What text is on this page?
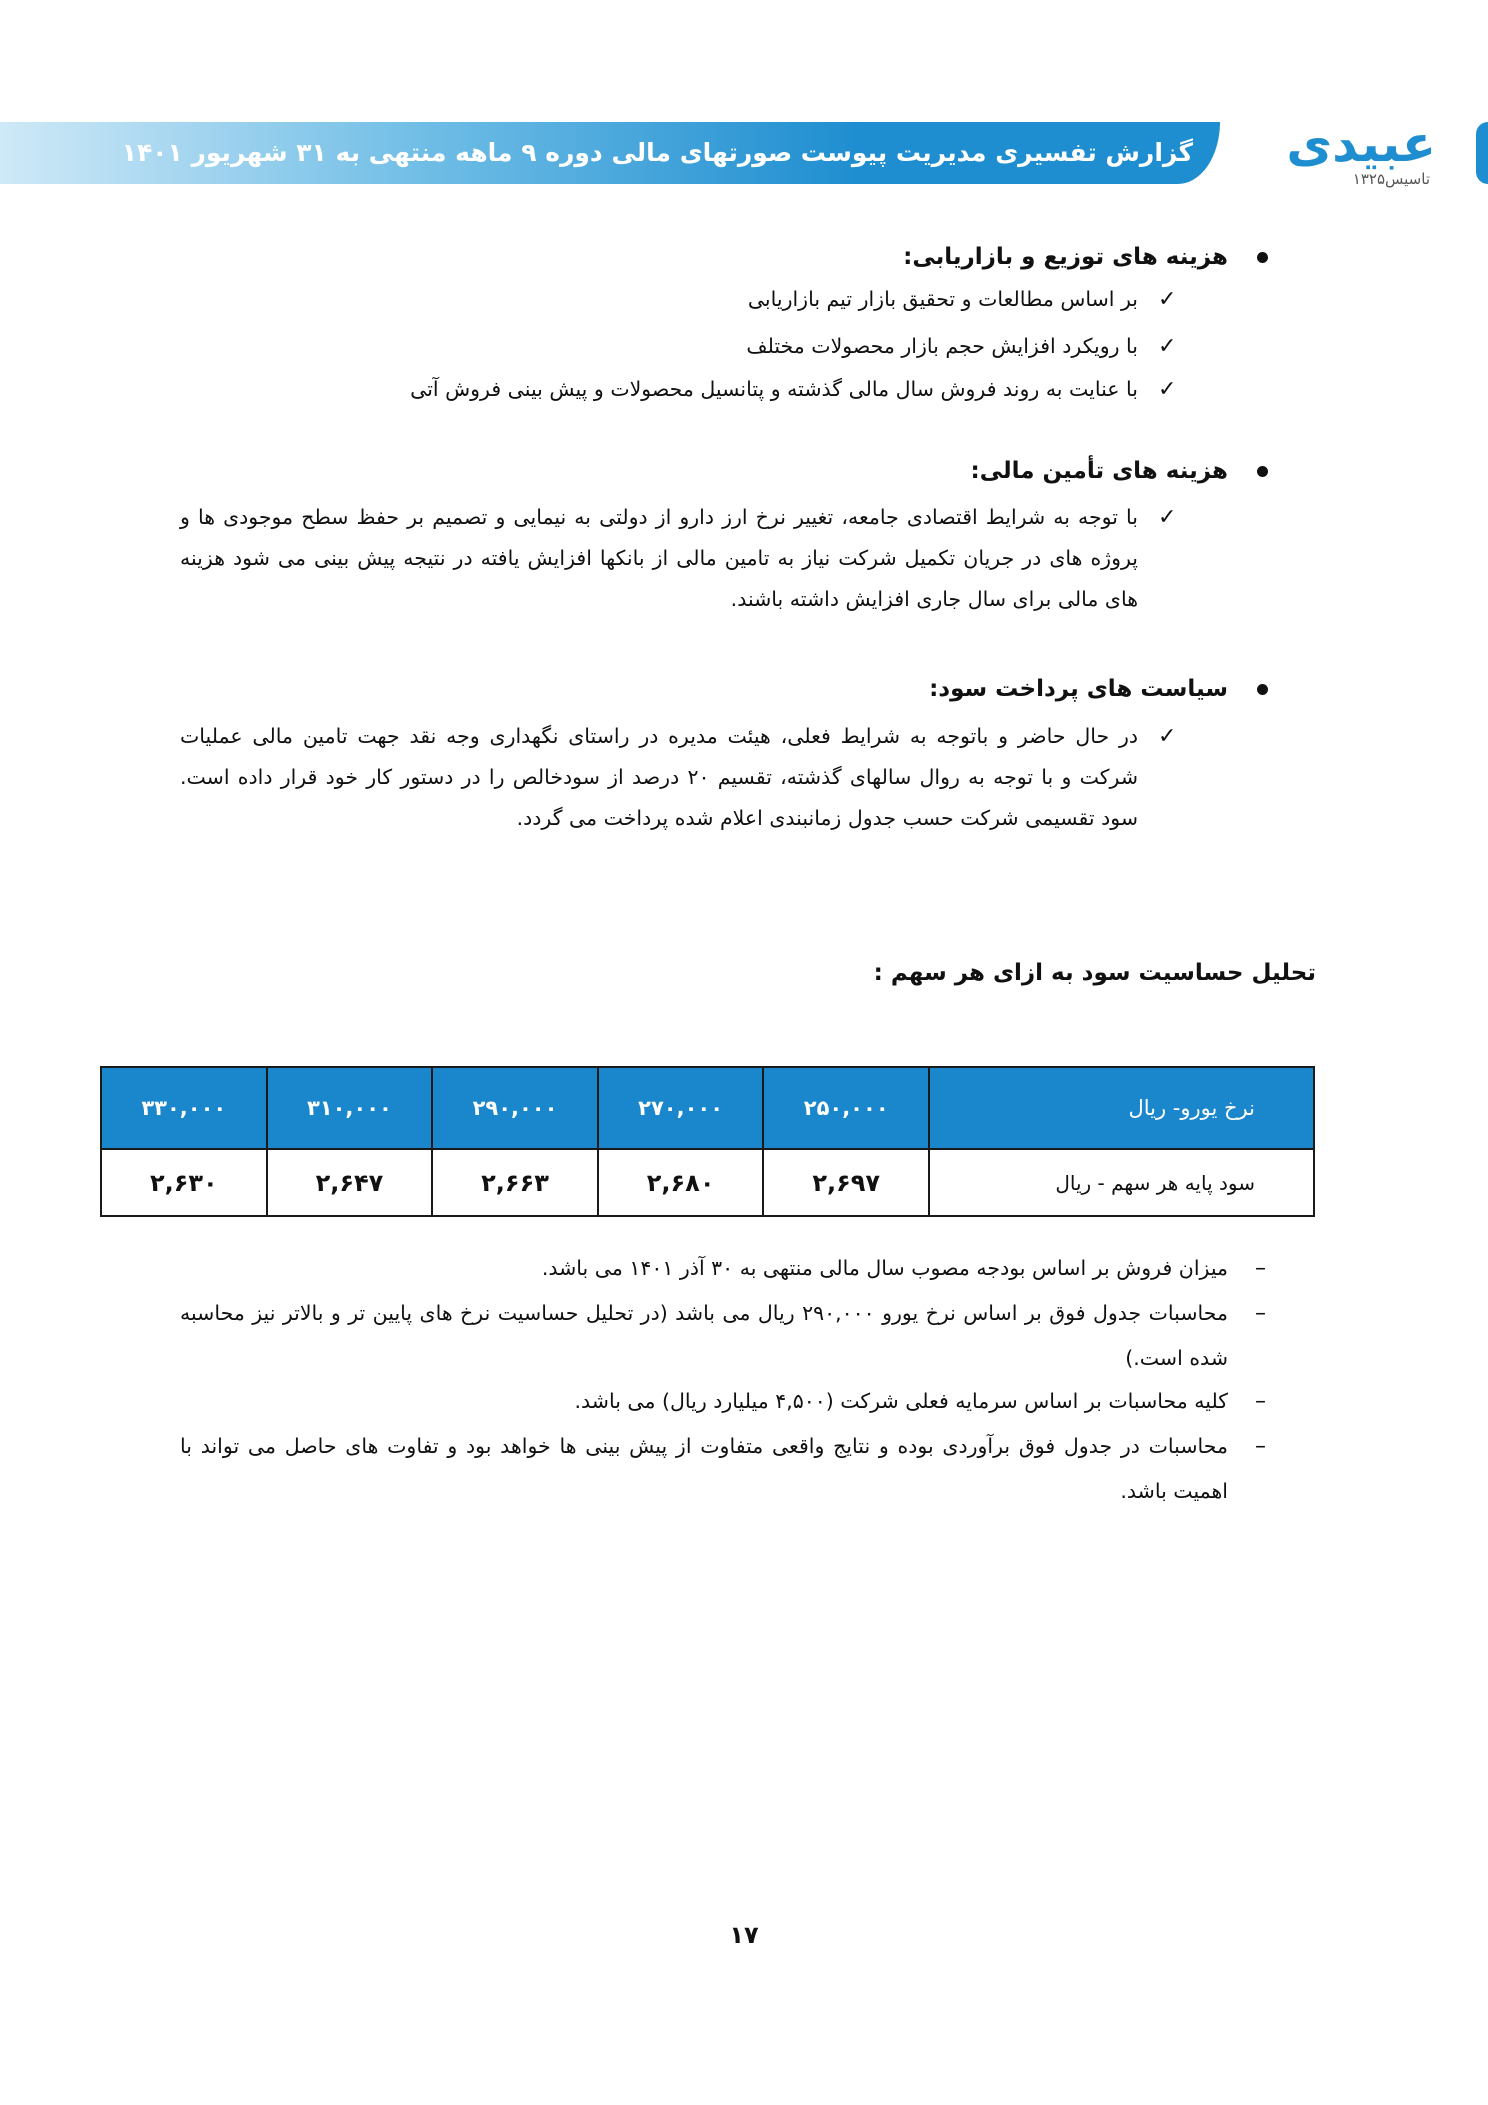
گزارش تفسیری مدیریت پیوست صورتهای مالی دوره ۹ ماهه منتهی به ۳۱ شهریور ۱۴۰۱	عبیدی
تاسیس۱۳۲۵
هزینه های توزیع و بازاریابی:
✓
بر اساس مطالعات و تحقیق بازار تیم بازاریابی
✓
با رویکرد افزایش حجم بازار محصولات مختلف
✓
با عنایت به روند فروش سال مالی گذشته و پتانسیل محصولات و پیش بینی فروش آتی
هزینه های تأمین مالی:
✓
با توجه به شرایط اقتصادی جامعه، تغییر نرخ ارز دارو از دولتی به نیمایی و تصمیم بر حفظ سطح موجودی ها و پروژه های در جریان تکمیل شرکت نیاز به تامین مالی از بانکها افزایش یافته در نتیجه پیش بینی می شود هزینه های مالی برای سال جاری افزایش داشته باشند.
سیاست های پرداخت سود:
✓
در حال حاضر و باتوجه به شرایط فعلی، هیئت مدیره در راستای نگهداری وجه نقد جهت تامین مالی عملیات شرکت و با توجه به روال سالهای گذشته، تقسیم ۲۰ درصد از سودخالص را در دستور کار خود قرار داده است. سود تقسیمی شرکت حسب جدول زمانبندی اعلام شده پرداخت می گردد.
تحلیل حساسیت سود به ازای هر سهم :
نرخ یورو- ریال	۲۵۰,۰۰۰	۲۷۰,۰۰۰	۲۹۰,۰۰۰	۳۱۰,۰۰۰	۳۳۰,۰۰۰
سود پایه هر سهم - ریال	۲,۶۹۷	۲,۶۸۰	۲,۶۶۳	۲,۶۴۷	۲,۶۳۰
–
میزان فروش بر اساس بودجه مصوب سال مالی منتهی به ۳۰ آذر ۱۴۰۱ می باشد.
–
محاسبات جدول فوق بر اساس نرخ یورو ۲۹۰,۰۰۰ ریال می باشد (در تحلیل حساسیت نرخ های پایین تر و بالاتر نیز محاسبه شده است.)
–
کلیه محاسبات بر اساس سرمایه فعلی شرکت (۴,۵۰۰ میلیارد ریال) می باشد.
–
محاسبات در جدول فوق برآوردی بوده و نتایج واقعی متفاوت از پیش بینی ها خواهد بود و تفاوت های حاصل می تواند با اهمیت باشد.
۱۷
